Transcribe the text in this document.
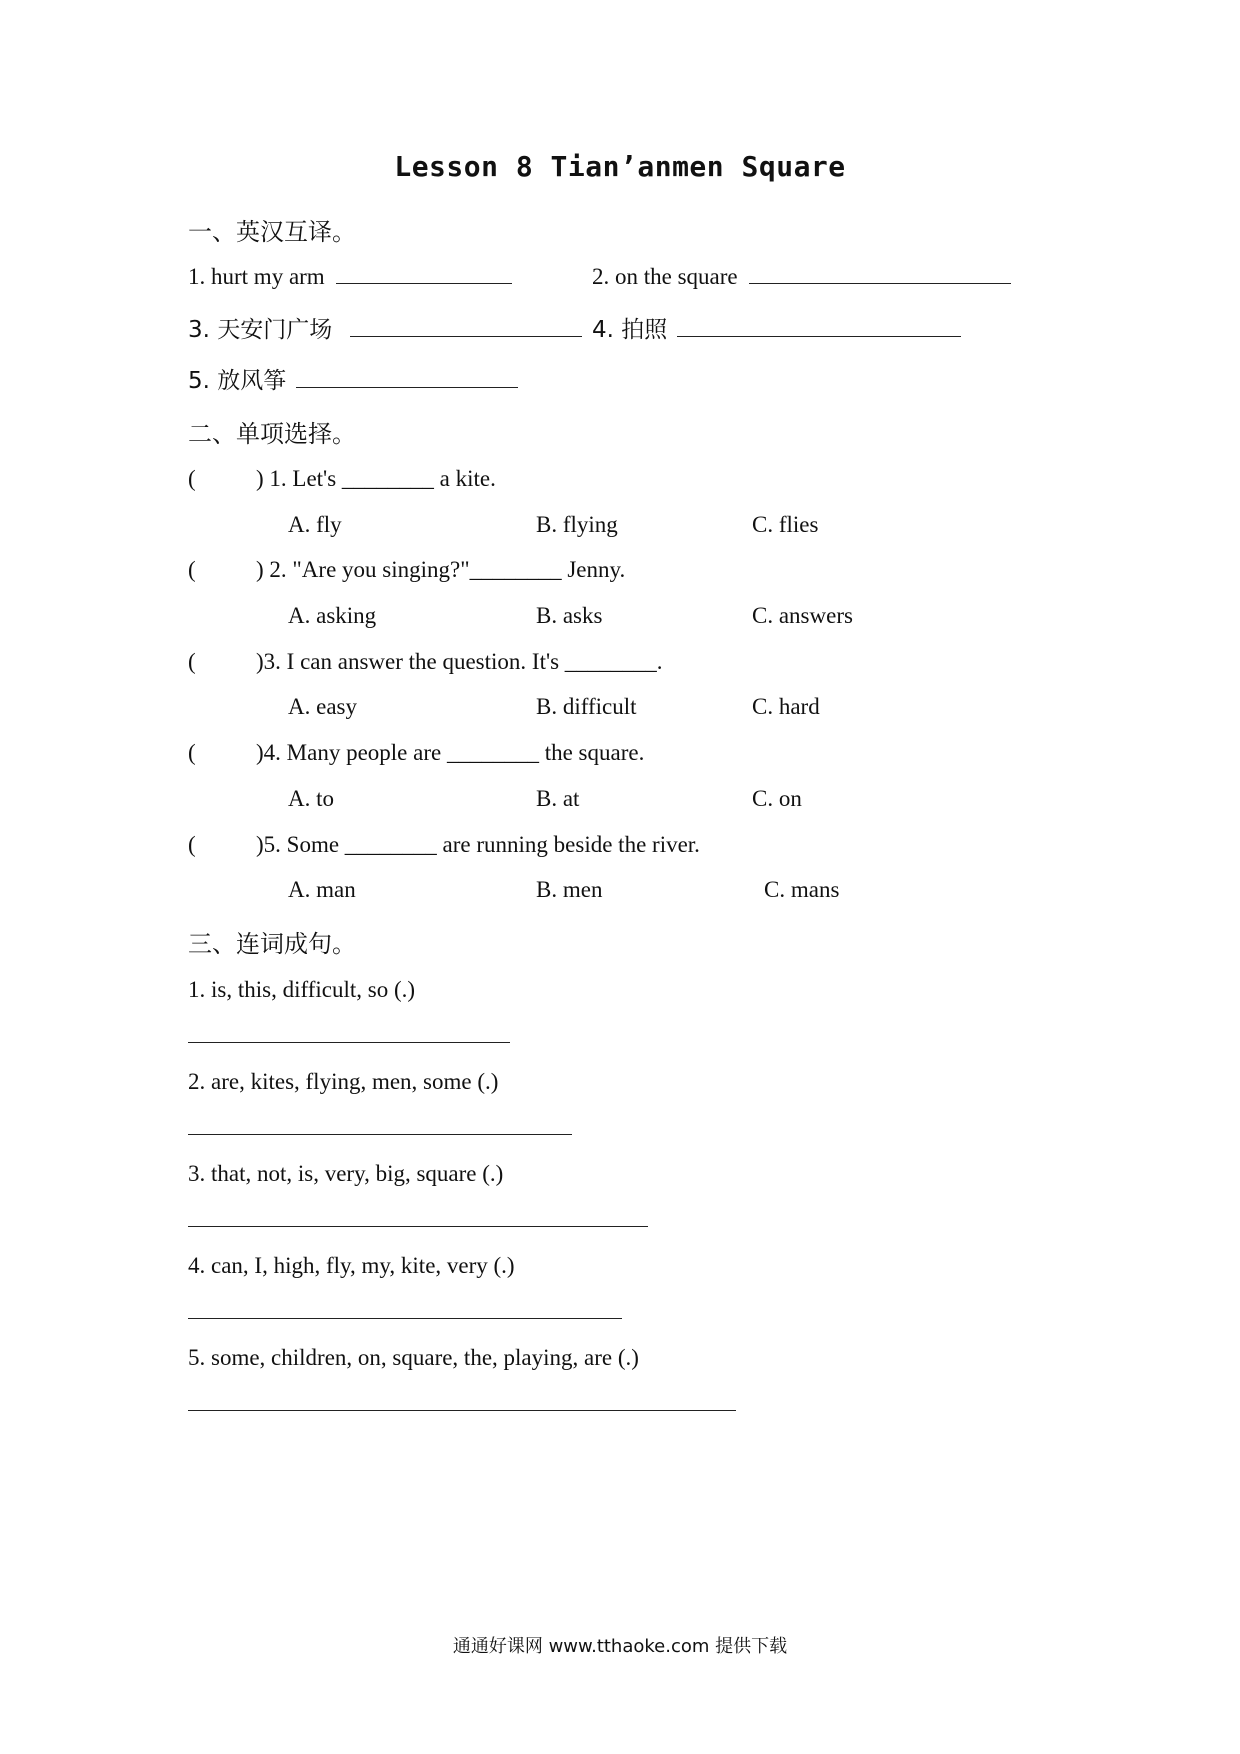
Lesson 8 Tian’anmen Square
一、英汉互译。
1. hurt my arm	2. on the square
3. 天安门广场	4. 拍照
5. 放风筝
二、单项选择。
(	) 1. Let's ________ a kite.
A. fly	B. flying	C. flies
(	) 2. "Are you singing?"________ Jenny.
A. asking	B. asks	C. answers
(	)3. I can answer the question. It's ________.
A. easy	B. difficult	C. hard
(	)4. Many people are ________ the square.
A. to	B. at	C. on
(	)5. Some ________ are running beside the river.
A. man	B. men	C. mans
三、连词成句。
1. is, this, difficult, so (.)
2. are, kites, flying, men, some (.)
3. that, not, is, very, big, square (.)
4. can, I, high, fly, my, kite, very (.)
5. some, children, on, square, the, playing, are (.)
通通好课网 www.tthaoke.com 提供下载
